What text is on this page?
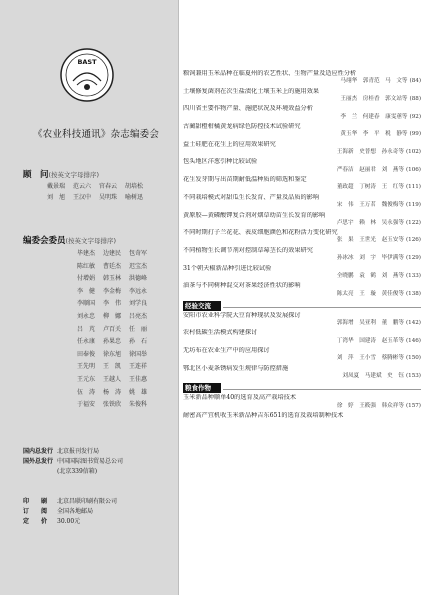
BAST
《农业科技通讯》杂志编委会
顾　问(按英文字母排序)
戴景瑞 范云六 官春云 胡培松
刘　旭 王汉中 吴明珠 喻树迅
编委会委员(按英文字母排序)
毕建杰 边建民 包奇军
陈红敏 曹廷杰 迟宝杰
付增娟 韩玉林 洪德峰
李　健 李金梅 李远永
李顺国 李　伟 刘学良
刘永忠 柳　娜 吕亮杰
吕　芃 卢百关 任　丽
任永康 孙果忠 孙　石
田奉俊 徐东旭 徐国举
王先明 王　凯 王连祥
王元东 王越人 王佳惠
伍　涛 杨　涛 姚　雄
于福安 张铁欣 朱俊科
国内总发行 北京报刊发行局
国外总发行 中国国际图书贸易总公司
(北京339信箱)
印　　刷 北京昌联印刷有限公司
订　　阅 全国各地邮局
定　　价 30.00元
粮饲兼用玉米品种在临夏州的农艺性状、生物产量及适应性分析
马翊华　郭青范　马　文等 (84)
土壤修复菌剂在次生盐渍化土壤玉米上的施用效果
王丽杰　房桂香　郭文站等 (88)
四川省主要作物产量、施肥状况及环境效益分析
李　兰　何建春　康雯蕙等 (92)
古蔺甜橙柑橘黄龙病绿色防控技术试验研究
黄玉华　李　平　税　静等 (99)
益土硅肥在花生上的应用效果研究
王海新　史普想　孙永奇等 (102)
包头地区洋葱引种比较试验
严春洁　赵丽君　刘　燕等 (106)
花生发芽期与出苗期耐低温种质的筛选和鉴定
董政超　丁树涛　王　红等 (111)
不同栽培模式对甜瓜生长发育、产量及品质的影响
宋　伟　王万茗　魏俊梅等 (119)
黄原胶—黄磷酸钾复合剂对烟草幼苗生长发育的影响
卢思宇　赖　林　吴永强等 (122)
不同时期打子兰花花、表皮细胞颜色和花粉活力变化研究
张　果　王世光　赵玉安等 (126)
不同植物生长调节剂对控制草莓茎长的效果研究
孙冰冰　刘　宇　毕伊满等 (129)
31个朝天椒新品种引进比较试验
全晓鹏　袁　鹤　刘　燕等 (133)
油茶与不同树种混交对茶果经济性状的影响
陈太亮　王　璇　黄佳俊等 (138)
经验交流
安阳市农业科学院大豆育种现状及发展探讨
郭海增　吴亚利　董　鹏等 (142)
农村低碳生活模式构建探讨
丁湾华　国建涛　赵玉革等 (146)
无坊布在农业生产中的应用探讨
刘　萍　王小雪　蔡腾彬等 (150)
鄂北区小麦条锈病发生规律与防控措施
刘凤夏　马建斌　史　钰 (153)
粮食作物
玉米新品种顺单40的选育及高产栽培技术
徐　婷　王筱强　韩众祥等 (157)
耐密高产宜机收玉米新品种吉东651的选育及栽培制种技术
